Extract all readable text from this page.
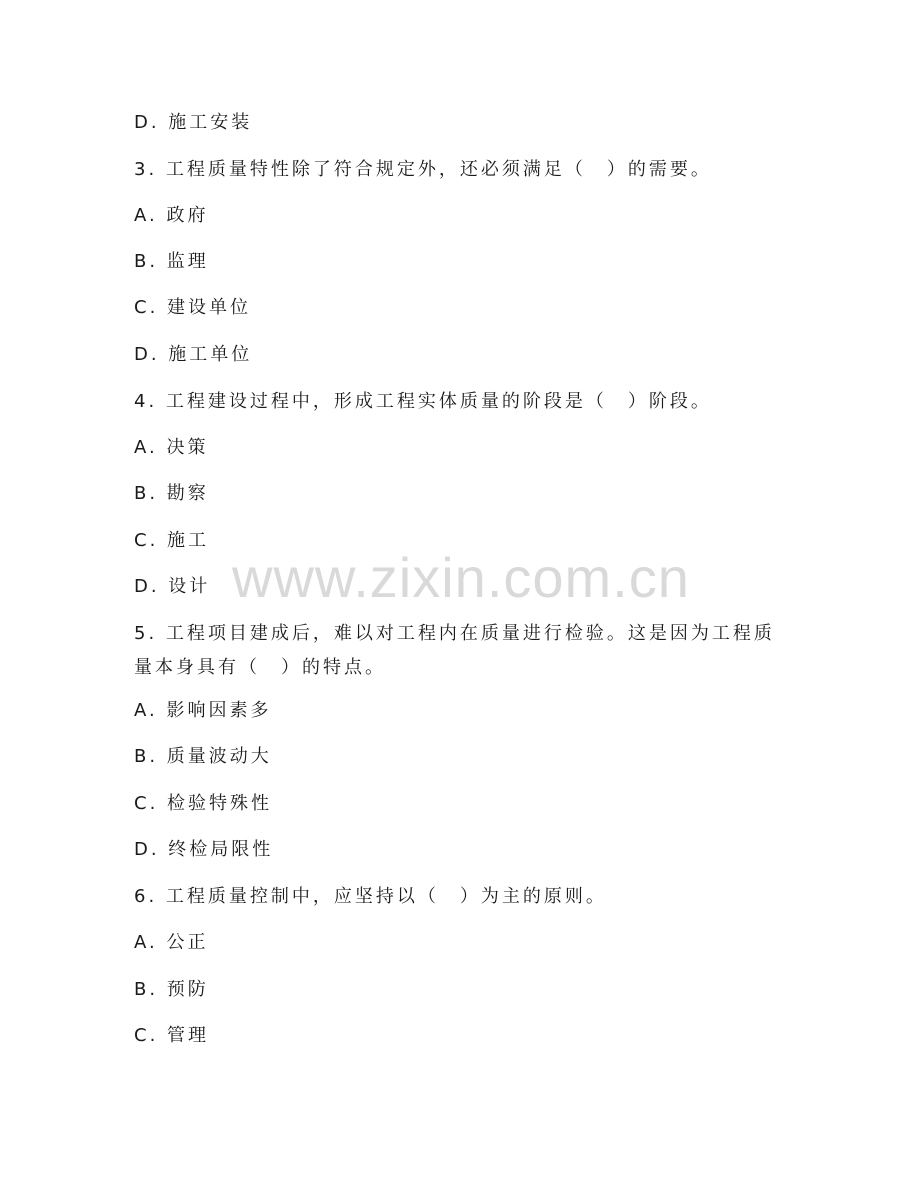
D. 施工安装
3. 工程质量特性除了符合规定外，还必须满足（　）的需要。
A. 政府
B. 监理
C. 建设单位
D. 施工单位
4. 工程建设过程中，形成工程实体质量的阶段是（　）阶段。
A. 决策
B. 勘察
C. 施工
D. 设计
5. 工程项目建成后，难以对工程内在质量进行检验。这是因为工程质量本身具有（　）的特点。
A. 影响因素多
B. 质量波动大
C. 检验特殊性
D. 终检局限性
6. 工程质量控制中，应坚持以（　）为主的原则。
A. 公正
B. 预防
C. 管理
www.zixin.com.cn
